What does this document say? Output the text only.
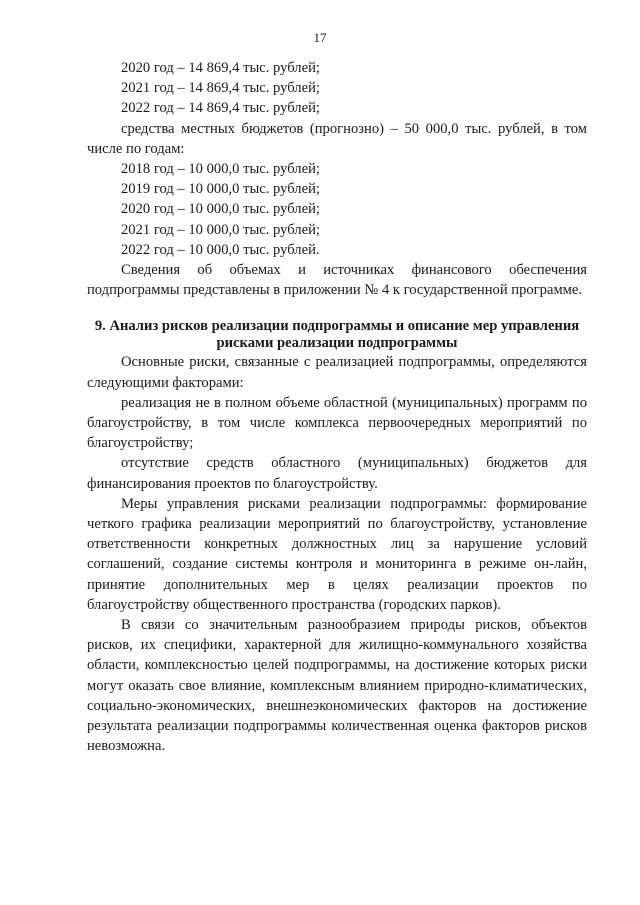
17

2020 год – 14 869,4 тыс. рублей;

2021 год – 14 869,4 тыс. рублей;

2022 год – 14 869,4 тыс. рублей;

средства местных бюджетов (прогнозно) – 50 000,0 тыс. рублей, в том числе по годам:

2018 год – 10 000,0 тыс. рублей;

2019 год – 10 000,0 тыс. рублей;

2020 год – 10 000,0 тыс. рублей;

2021 год – 10 000,0 тыс. рублей;

2022 год – 10 000,0 тыс. рублей.

Сведения об объемах и источниках финансового обеспечения подпрограммы представлены в приложении № 4 к государственной программе.

9. Анализ рисков реализации подпрограммы и описание мер управления
рисками реализации подпрограммы

Основные риски, связанные с реализацией подпрограммы, определяются следующими факторами:

реализация не в полном объеме областной (муниципальных) программ по благоустройству, в том числе комплекса первоочередных мероприятий по благоустройству;

отсутствие средств областного (муниципальных) бюджетов для финансирования проектов по благоустройству.

Меры управления рисками реализации подпрограммы: формирование четкого графика реализации мероприятий по благоустройству, установление ответственности конкретных должностных лиц за нарушение условий соглашений, создание системы контроля и мониторинга в режиме он-лайн, принятие дополнительных мер в целях реализации проектов по благоустройству общественного пространства (городских парков).

В связи со значительным разнообразием природы рисков, объектов рисков, их специфики, характерной для жилищно-коммунального хозяйства области, комплексностью целей подпрограммы, на достижение которых риски могут оказать свое влияние, комплексным влиянием природно-климатических, социально-экономических, внешнеэкономических факторов на достижение результата реализации подпрограммы количественная оценка факторов рисков невозможна.
